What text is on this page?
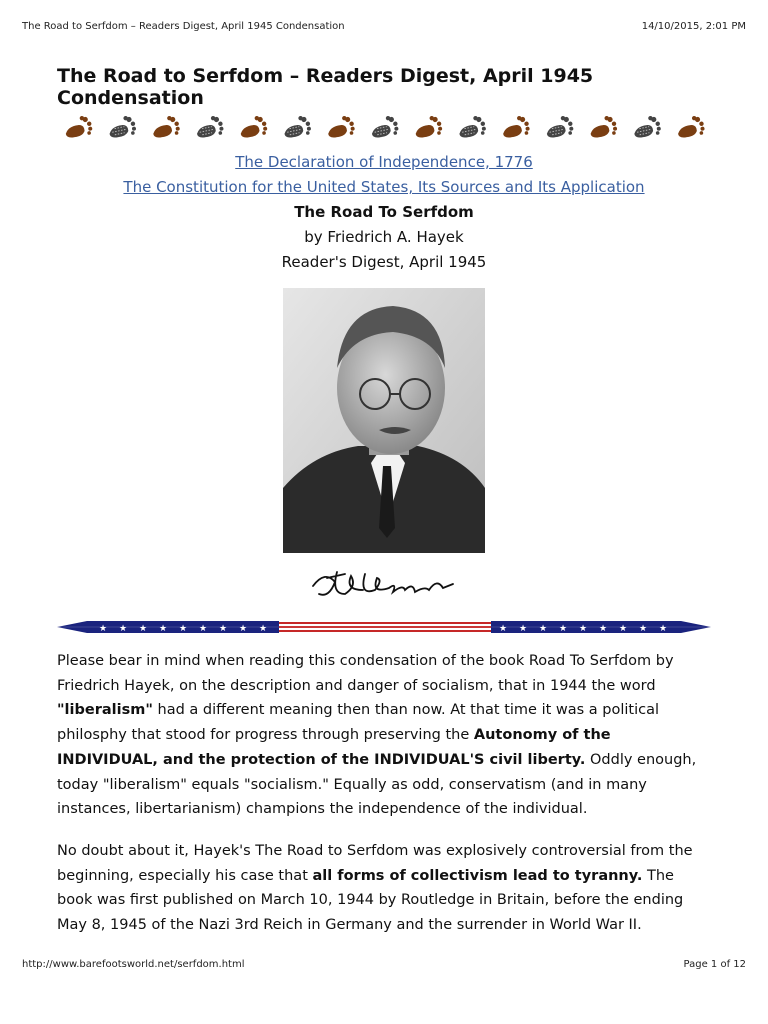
The Road to Serfdom – Readers Digest, April 1945 Condensation	14/10/2015, 2:01 PM
The Road to Serfdom – Readers Digest, April 1945 Condensation
The Declaration of Independence, 1776
The Constitution for the United States, Its Sources and Its Application
The Road To Serfdom
by Friedrich A. Hayek
Reader's Digest, April 1945
★ ★ ★ ★ ★ ★ ★ ★ ★	★ ★ ★ ★ ★ ★ ★ ★ ★

Please bear in mind when reading this condensation of the book Road To Serfdom by Friedrich Hayek, on the description and danger of socialism, that in 1944 the word "liberalism" had a different meaning then than now. At that time it was a political philosphy that stood for progress through preserving the Autonomy of the INDIVIDUAL, and the protection of the INDIVIDUAL'S civil liberty. Oddly enough, today "liberalism" equals "socialism." Equally as odd, conservatism (and in many instances, libertarianism) champions the independence of the individual.

No doubt about it, Hayek's The Road to Serfdom was explosively controversial from the beginning, especially his case that all forms of collectivism lead to tyranny. The book was first published on March 10, 1944 by Routledge in Britain, before the ending May 8, 1945 of the Nazi 3rd Reich in Germany and the surrender in World War II.

http://www.barefootsworld.net/serfdom.html	Page 1 of 12
